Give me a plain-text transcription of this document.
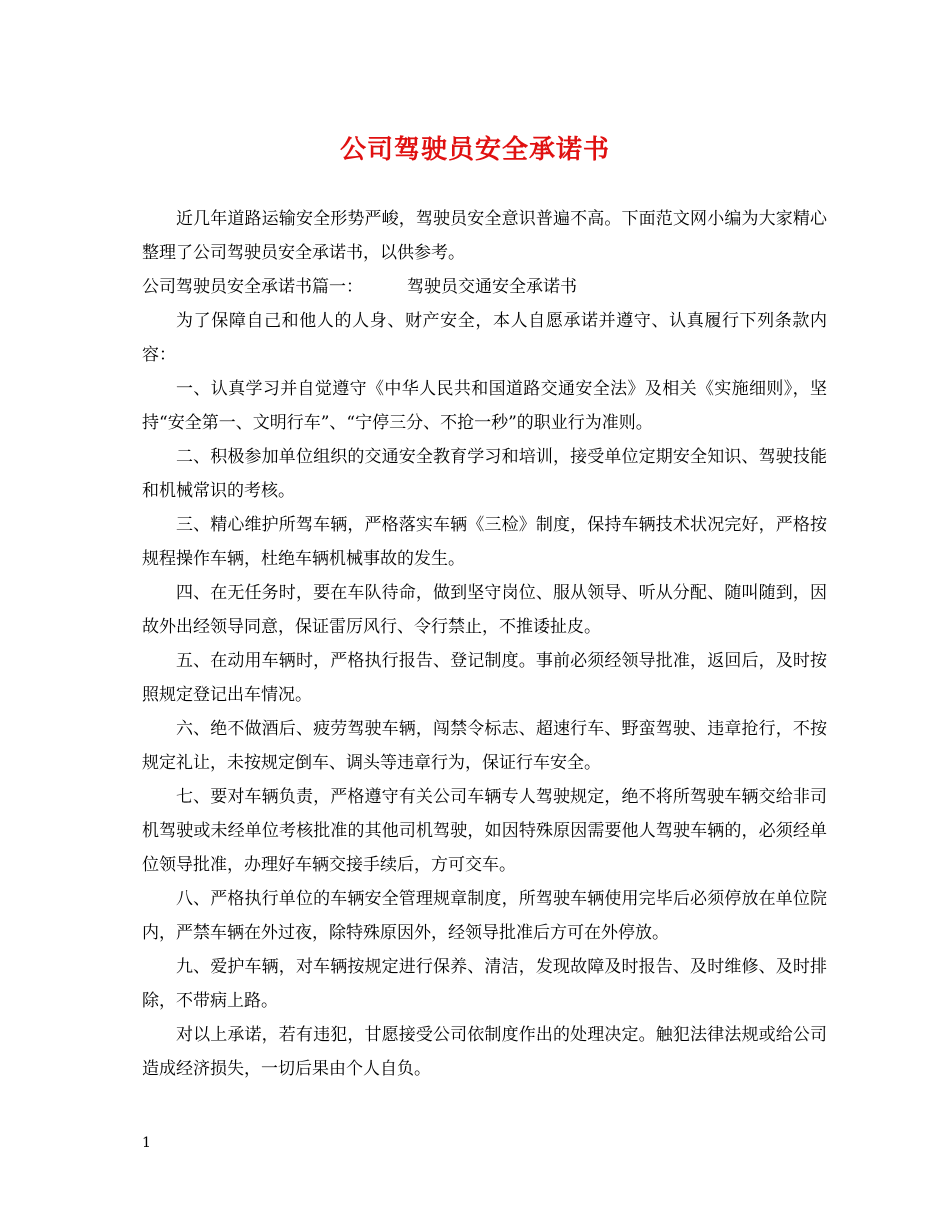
公司驾驶员安全承诺书

近几年道路运输安全形势严峻，驾驶员安全意识普遍不高。下面范文网小编为大家精心整理了公司驾驶员安全承诺书，以供参考。

公司驾驶员安全承诺书篇一：	驾驶员交通安全承诺书

为了保障自己和他人的人身、财产安全，本人自愿承诺并遵守、认真履行下列条款内容：

一、认真学习并自觉遵守《中华人民共和国道路交通安全法》及相关《实施细则》，坚持“安全第一、文明行车”、“宁停三分、不抢一秒”的职业行为准则。

二、积极参加单位组织的交通安全教育学习和培训，接受单位定期安全知识、驾驶技能和机械常识的考核。

三、精心维护所驾车辆，严格落实车辆《三检》制度，保持车辆技术状况完好，严格按规程操作车辆，杜绝车辆机械事故的发生。

四、在无任务时，要在车队待命，做到坚守岗位、服从领导、听从分配、随叫随到，因故外出经领导同意，保证雷厉风行、令行禁止，不推诿扯皮。

五、在动用车辆时，严格执行报告、登记制度。事前必须经领导批准，返回后，及时按照规定登记出车情况。

六、绝不做酒后、疲劳驾驶车辆，闯禁令标志、超速行车、野蛮驾驶、违章抢行，不按规定礼让，未按规定倒车、调头等违章行为，保证行车安全。

七、要对车辆负责，严格遵守有关公司车辆专人驾驶规定，绝不将所驾驶车辆交给非司机驾驶或未经单位考核批准的其他司机驾驶，如因特殊原因需要他人驾驶车辆的，必须经单位领导批准，办理好车辆交接手续后，方可交车。

八、严格执行单位的车辆安全管理规章制度，所驾驶车辆使用完毕后必须停放在单位院内，严禁车辆在外过夜，除特殊原因外，经领导批准后方可在外停放。

九、爱护车辆，对车辆按规定进行保养、清洁，发现故障及时报告、及时维修、及时排除，不带病上路。

对以上承诺，若有违犯，甘愿接受公司依制度作出的处理决定。触犯法律法规或给公司造成经济损失，一切后果由个人自负。

1
